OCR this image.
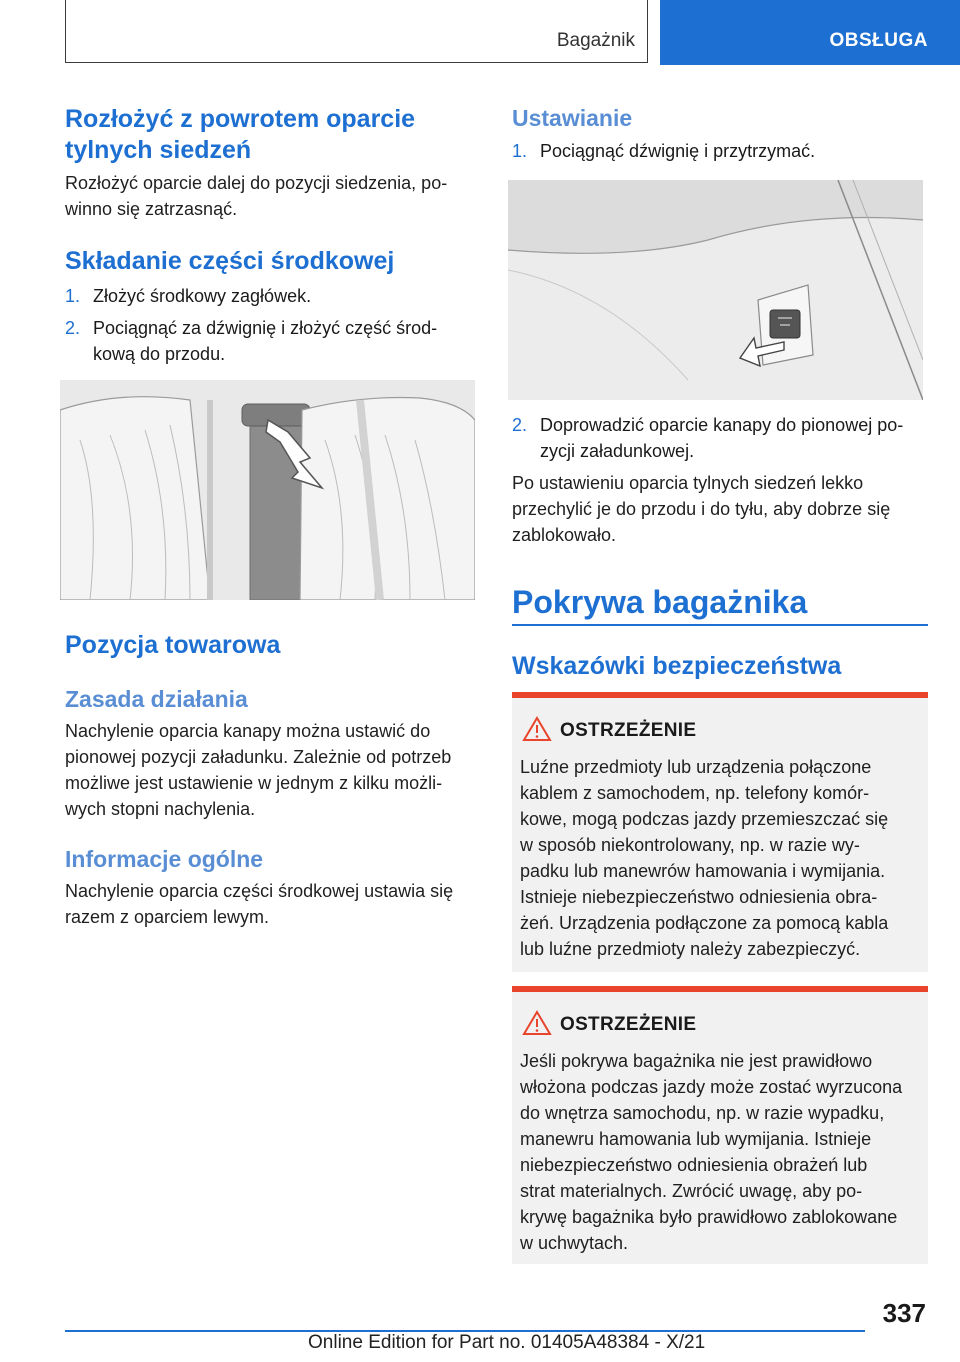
Bagażnik	OBSŁUGA
Rozłożyć z powrotem oparcie
tylnych siedzeń

Rozłożyć oparcie dalej do pozycji siedzenia, po-
winno się zatrzasnąć.

Składanie części środkowej
1. Złożyć środkowy zagłówek.
2. Pociągnąć za dźwignię i złożyć część środ-
kową do przodu.
Pozycja towarowa
Zasada działania

Nachylenie oparcia kanapy można ustawić do
pionowej pozycji załadunku. Zależnie od potrzeb
możliwe jest ustawienie w jednym z kilku możli-
wych stopni nachylenia.

Informacje ogólne

Nachylenie oparcia części środkowej ustawia się
razem z oparciem lewym.

Ustawianie
1. Pociągnąć dźwignię i przytrzymać.
2. Doprowadzić oparcie kanapy do pionowej po-
zycji załadunkowej.

Po ustawieniu oparcia tylnych siedzeń lekko
przechylić je do przodu i do tyłu, aby dobrze się
zablokowało.

Pokrywa bagażnika
Wskazówki bezpieczeństwa
OSTRZEŻENIE
Luźne przedmioty lub urządzenia połączone
kablem z samochodem, np. telefony komór-
kowe, mogą podczas jazdy przemieszczać się
w sposób niekontrolowany, np. w razie wy-
padku lub manewrów hamowania i wymijania.
Istnieje niebezpieczeństwo odniesienia obra-
żeń. Urządzenia podłączone za pomocą kabla
lub luźne przedmioty należy zabezpieczyć.
OSTRZEŻENIE
Jeśli pokrywa bagażnika nie jest prawidłowo
włożona podczas jazdy może zostać wyrzucona
do wnętrza samochodu, np. w razie wypadku,
manewru hamowania lub wymijania. Istnieje
niebezpieczeństwo odniesienia obrażeń lub
strat materialnych. Zwrócić uwagę, aby po-
krywę bagażnika było prawidłowo zablokowane
w uchwytach.
337
Online Edition for Part no. 01405A48384 - X/21
